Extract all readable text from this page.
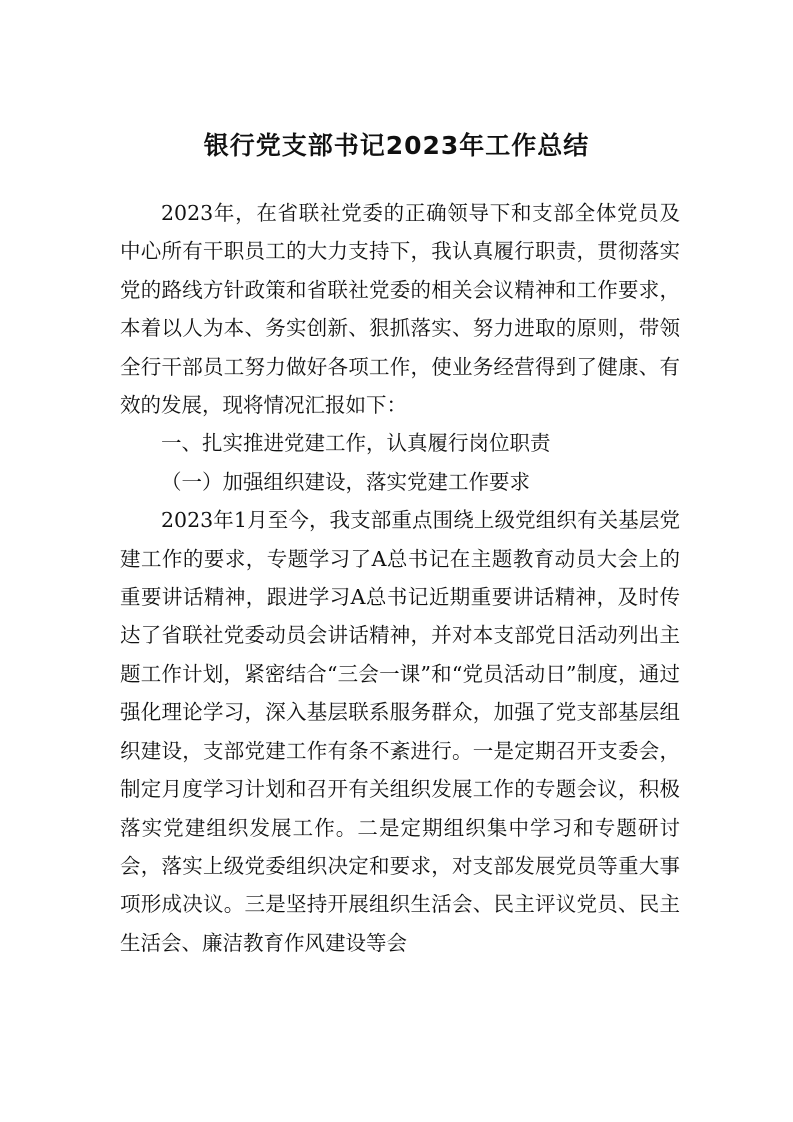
银行党支部书记2023年工作总结

2023年，在省联社党委的正确领导下和支部全体党员及中心所有干职员工的大力支持下，我认真履行职责，贯彻落实党的路线方针政策和省联社党委的相关会议精神和工作要求，本着以人为本、务实创新、狠抓落实、努力进取的原则，带领全行干部员工努力做好各项工作，使业务经营得到了健康、有效的发展，现将情况汇报如下：

一、扎实推进党建工作，认真履行岗位职责

（一）加强组织建设，落实党建工作要求

2023年1月至今，我支部重点围绕上级党组织有关基层党建工作的要求，专题学习了A总书记在主题教育动员大会上的重要讲话精神，跟进学习A总书记近期重要讲话精神，及时传达了省联社党委动员会讲话精神，并对本支部党日活动列出主题工作计划，紧密结合“三会一课”和“党员活动日”制度，通过强化理论学习，深入基层联系服务群众，加强了党支部基层组织建设，支部党建工作有条不紊进行。一是定期召开支委会，制定月度学习计划和召开有关组织发展工作的专题会议，积极落实党建组织发展工作。二是定期组织集中学习和专题研讨会，落实上级党委组织决定和要求，对支部发展党员等重大事项形成决议。三是坚持开展组织生活会、民主评议党员、民主生活会、廉洁教育作风建设等会
